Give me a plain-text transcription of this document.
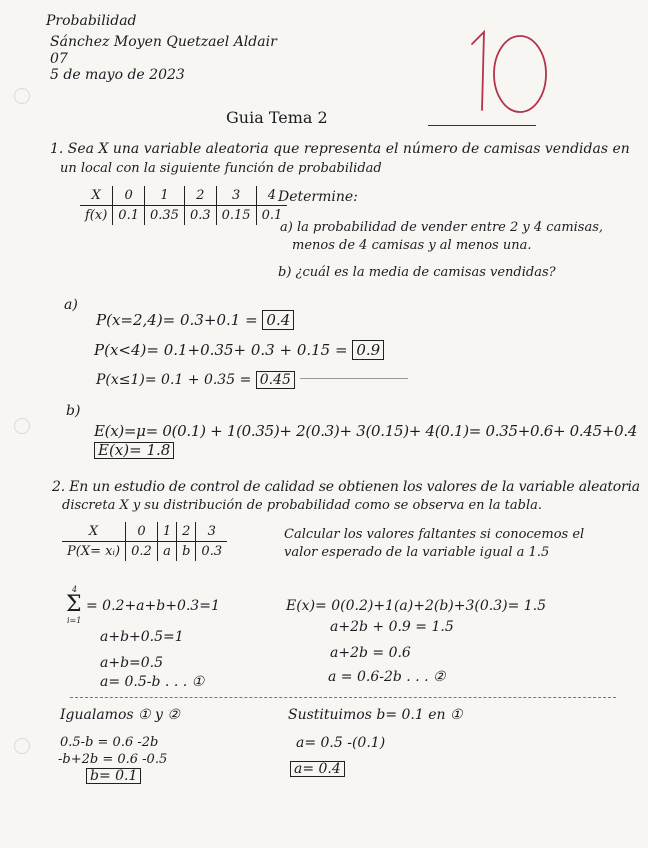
Probabilidad
Sánchez Moyen Quetzael Aldair
07
5 de mayo de 2023
Guia Tema 2
1. Sea X una variable aleatoria que representa el número de camisas vendidas en
un local con la siguiente función de probabilidad
X	0	1	2	3	4
f(x)	0.1	0.35	0.3	0.15	0.1
Determine:
a) la probabilidad de vender entre 2 y 4 camisas,
menos de 4 camisas y al menos una.
b) ¿cuál es la media de camisas vendidas?
a)
P(x=2,4)= 0.3+0.1 = 0.4
P(x<4)= 0.1+0.35+ 0.3 + 0.15 = 0.9
P(x≤1)= 0.1 + 0.35 = 0.45
b)
E(x)=μ= 0(0.1) + 1(0.35)+ 2(0.3)+ 3(0.15)+ 4(0.1)= 0.35+0.6+ 0.45+0.4
E(x)= 1.8
2. En un estudio de control de calidad se obtienen los valores de la variable aleatoria
discreta X y su distribución de probabilidad como se observa en la tabla.
X	0	1	2	3
P(X= xᵢ)	0.2	a	b	0.3
Calcular los valores faltantes si conocemos el
valor esperado de la variable igual a 1.5
4
Σ
i=1
= 0.2+a+b+0.3=1
a+b+0.5=1
a+b=0.5
a= 0.5-b . . . ①
E(x)= 0(0.2)+1(a)+2(b)+3(0.3)= 1.5
a+2b + 0.9 = 1.5
a+2b = 0.6
a = 0.6-2b . . . ②
Igualamos ① y ②
0.5-b = 0.6 -2b
-b+2b = 0.6 -0.5
b= 0.1
Sustituimos b= 0.1 en ①
a= 0.5 -(0.1)
a= 0.4
